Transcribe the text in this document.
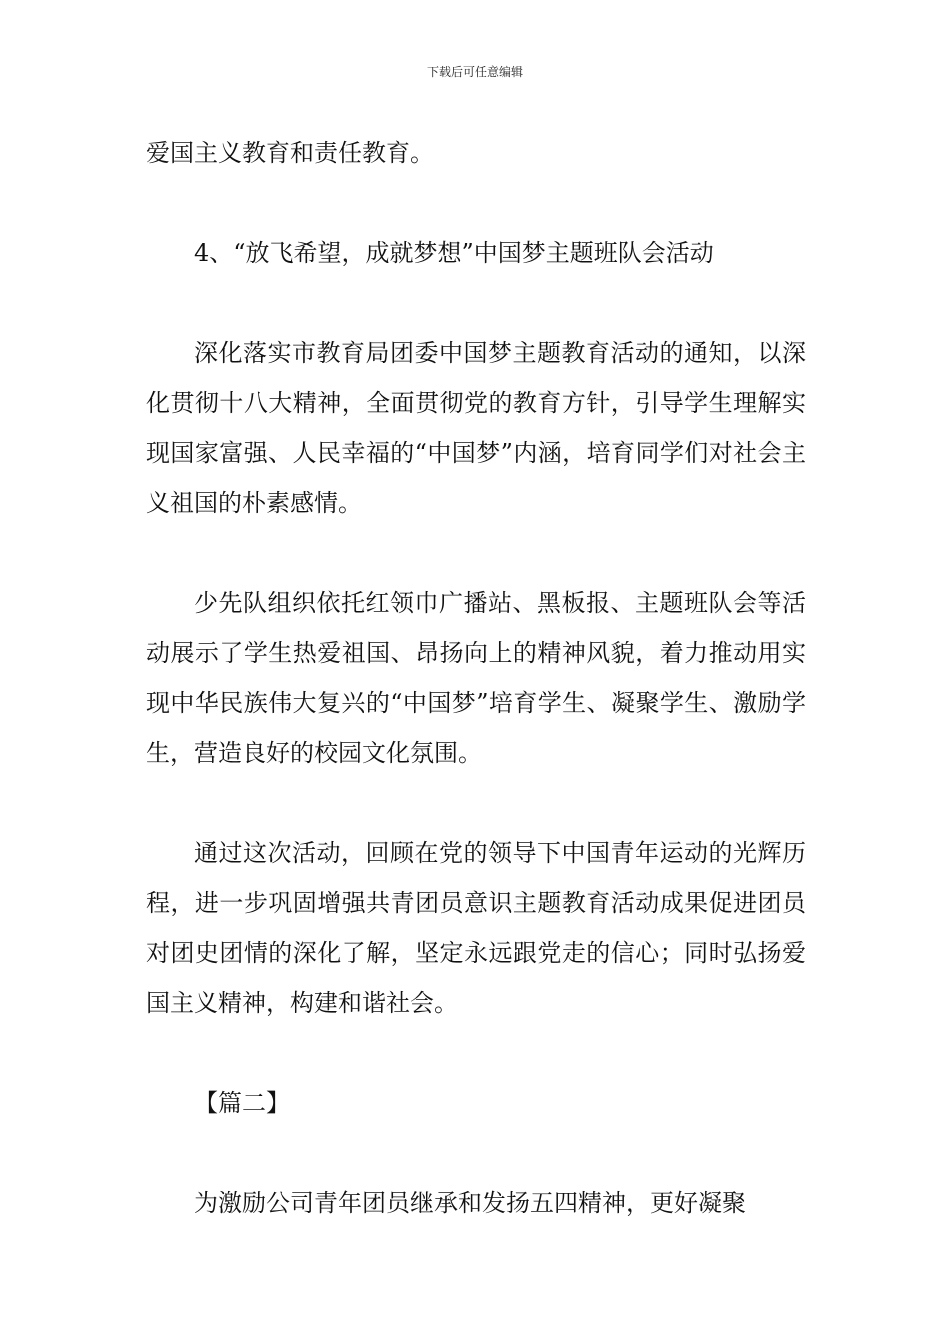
下载后可任意编辑

爱国主义教育和责任教育。

4、“放飞希望，成就梦想”中国梦主题班队会活动

深化落实市教育局团委中国梦主题教育活动的通知，以深化贯彻十八大精神，全面贯彻党的教育方针，引导学生理解实现国家富强、人民幸福的“中国梦”内涵，培育同学们对社会主义祖国的朴素感情。

少先队组织依托红领巾广播站、黑板报、主题班队会等活动展示了学生热爱祖国、昂扬向上的精神风貌，着力推动用实现中华民族伟大复兴的“中国梦”培育学生、凝聚学生、激励学生，营造良好的校园文化氛围。

通过这次活动，回顾在党的领导下中国青年运动的光辉历程，进一步巩固增强共青团员意识主题教育活动成果促进团员对团史团情的深化了解，坚定永远跟党走的信心；同时弘扬爱国主义精神，构建和谐社会。

【篇二】

为激励公司青年团员继承和发扬五四精神，更好凝聚
